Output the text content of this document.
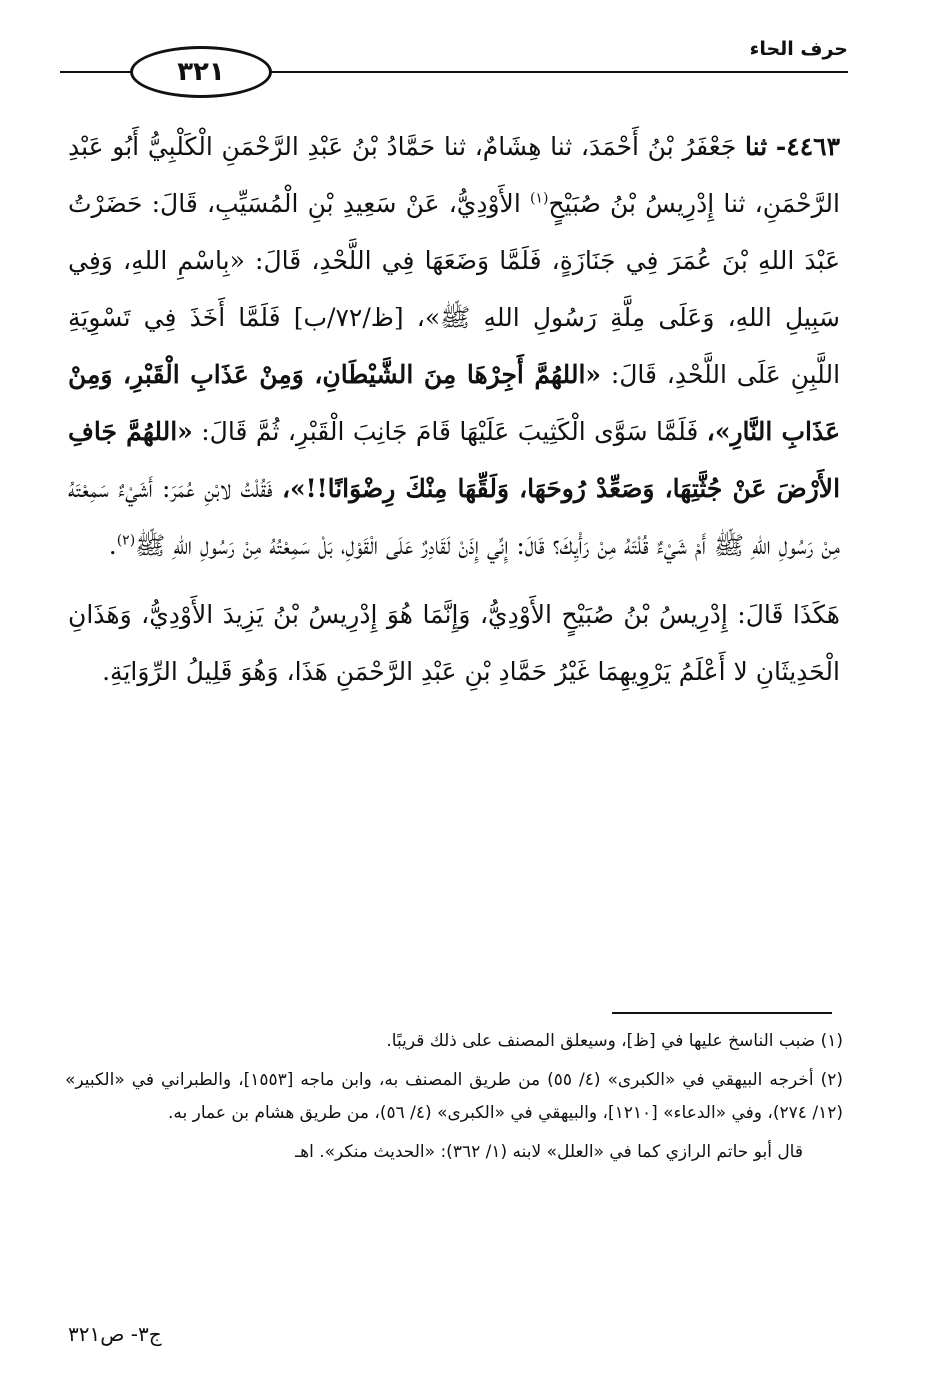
حرف الحاء
٣٢١

٤٤٦٣- ثنا جَعْفَرُ بْنُ أَحْمَدَ، ثنا هِشَامٌ، ثنا حَمَّادُ بْنُ عَبْدِ الرَّحْمَنِ الْكَلْبِيُّ أَبُو عَبْدِ الرَّحْمَنِ، ثنا إِدْرِيسُ بْنُ صُبَيْحٍ$^{(١)}$ الأَوْدِيُّ، عَنْ سَعِيدِ بْنِ الْمُسَيِّبِ، قَالَ: حَضَرْتُ عَبْدَ اللهِ بْنَ عُمَرَ فِي جَنَازَةٍ، فَلَمَّا وَضَعَهَا فِي اللَّحْدِ، قَالَ: «بِاسْمِ اللهِ، وَفِي سَبِيلِ اللهِ، وَعَلَى مِلَّةِ رَسُولِ اللهِ ﷺ»، [ظ/٧٢/ب] فَلَمَّا أَخَذَ فِي تَسْوِيَةِ اللَّبِنِ عَلَى اللَّحْدِ، قَالَ: «اللهُمَّ أَجِرْهَا مِنَ الشَّيْطَانِ، وَمِنْ عَذَابِ الْقَبْرِ، وَمِنْ عَذَابِ النَّارِ»، فَلَمَّا سَوَّى الْكَثِيبَ عَلَيْهَا قَامَ جَانِبَ الْقَبْرِ، ثُمَّ قَالَ: «اللهُمَّ جَافِ الأَرْضَ عَنْ جُثَّتِهَا، وَصَعِّدْ رُوحَهَا، وَلَقِّهَا مِنْكَ رِضْوَانًا!!»، فَقُلْتُ لابْنِ عُمَرَ: أَشَيْءٌ سَمِعْتَهُ مِنْ رَسُولِ اللهِ ﷺ أَمْ شَيْءٌ قُلْتَهُ مِنْ رَأْيِكَ؟ قَالَ: إِنِّي إِذَنْ لَقَادِرٌ عَلَى الْقَوْلِ، بَلْ سَمِعْتُهُ مِنْ رَسُولِ اللهِ ﷺ$^{(٢)}$.

هَكَذَا قَالَ: إِدْرِيسُ بْنُ صُبَيْحٍ الأَوْدِيُّ، وَإِنَّمَا هُوَ إِدْرِيسُ بْنُ يَزِيدَ الأَوْدِيُّ، وَهَذَانِ الْحَدِيثَانِ لا أَعْلَمُ يَرْوِيهِمَا غَيْرُ حَمَّادِ بْنِ عَبْدِ الرَّحْمَنِ هَذَا، وَهُوَ قَلِيلُ الرِّوَايَةِ.

(١) ضبب الناسخ عليها في [ظ]، وسيعلق المصنف على ذلك قريبًا.
(٢) أخرجه البيهقي في «الكبرى» (٤/ ٥٥) من طريق المصنف به، وابن ماجه [١٥٥٣]، والطبراني في «الكبير» (١٢/ ٢٧٤)، وفي «الدعاء» [١٢١٠]، والبيهقي في «الكبرى» (٤/ ٥٦)، من طريق هشام بن عمار به.
قال أبو حاتم الرازي كما في «العلل» لابنه (١/ ٣٦٢): «الحديث منكر». اهـ
ج٣- ص٣٢١
